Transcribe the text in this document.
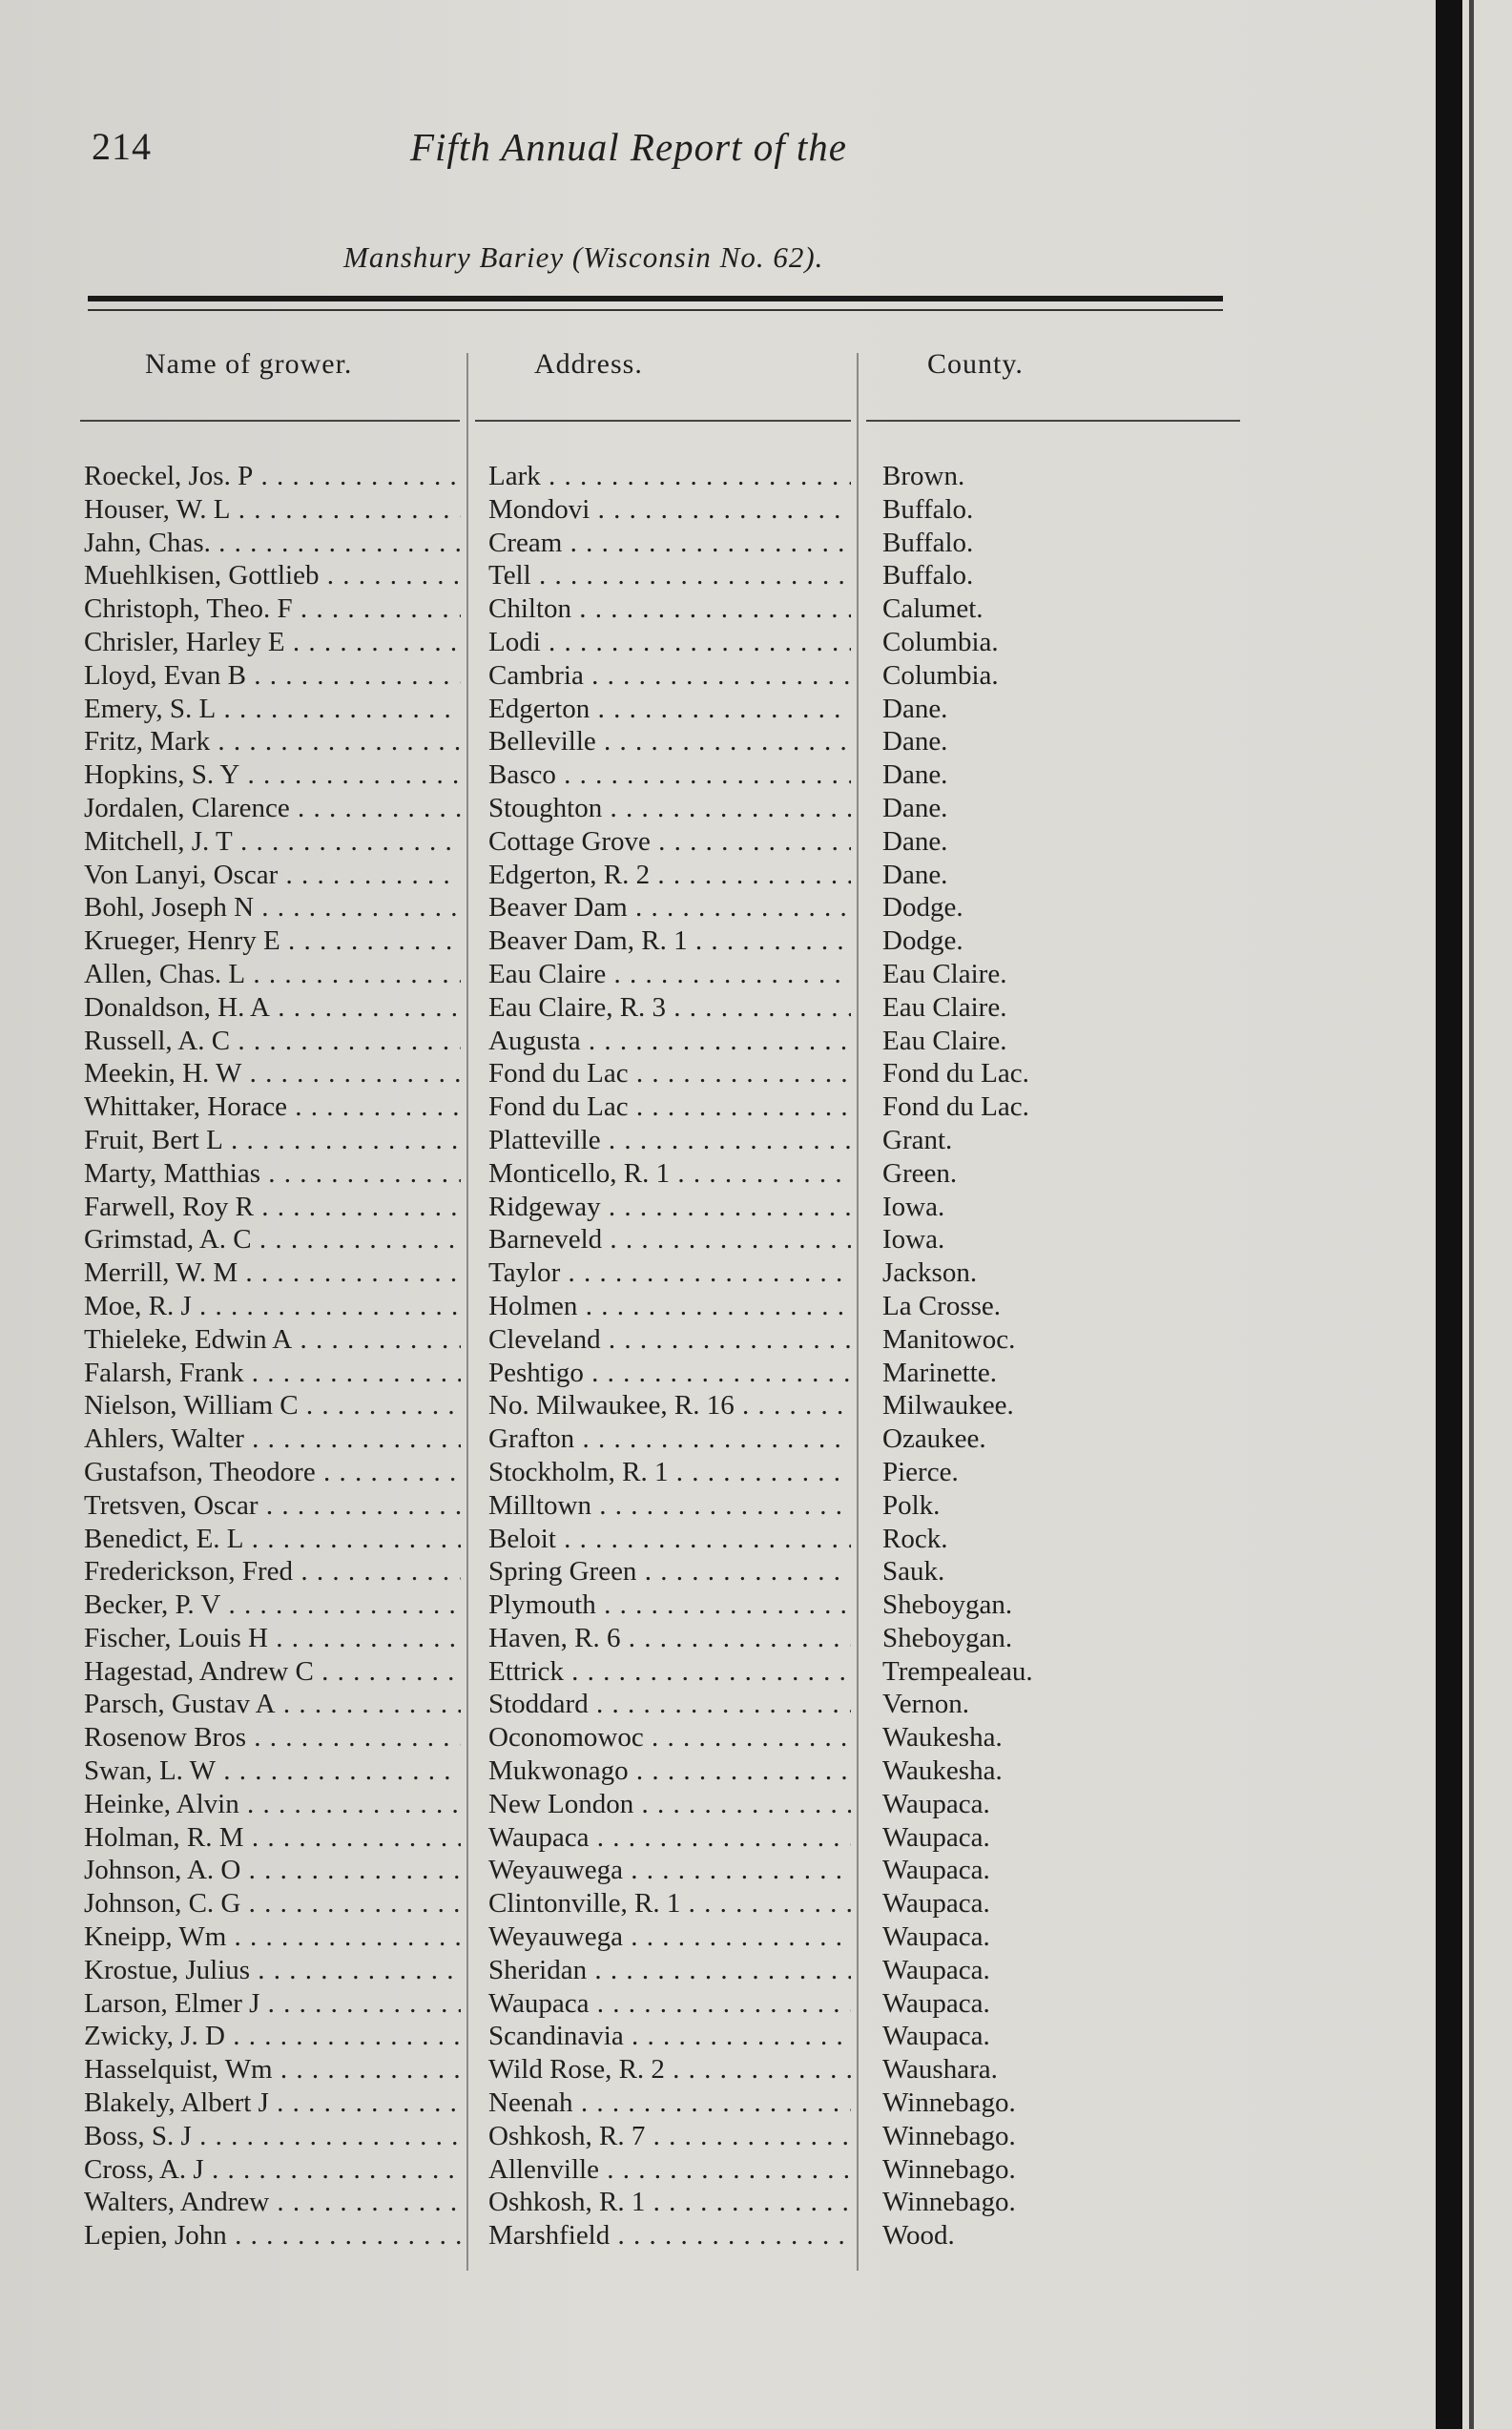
214	Fifth Annual Report of the
Manshury Bariey (Wisconsin No. 62).
Name of grower.	Address.	County.
Roeckel, Jos. P . . .	Lark . . .	Brown.
Houser, W. L . . .	Mondovi . . .	Buffalo.
Jahn, Chas. . . .	Cream . . .	Buffalo.
Muehlkisen, Gottlieb . . .	Tell . . .	Buffalo.
Christoph, Theo. F . . .	Chilton . . .	Calumet.
Chrisler, Harley E . . .	Lodi . . .	Columbia.
Lloyd, Evan B . . .	Cambria . . .	Columbia.
Emery, S. L . . .	Edgerton . . .	Dane.
Fritz, Mark . . .	Belleville . . .	Dane.
Hopkins, S. Y . . .	Basco . . .	Dane.
Jordalen, Clarence . . .	Stoughton . . .	Dane.
Mitchell, J. T . . .	Cottage Grove . . .	Dane.
Von Lanyi, Oscar . . .	Edgerton, R. 2 . . .	Dane.
Bohl, Joseph N . . .	Beaver Dam . . .	Dodge.
Krueger, Henry E . . .	Beaver Dam, R. 1 . . .	Dodge.
Allen, Chas. L . . .	Eau Claire . . .	Eau Claire.
Donaldson, H. A . . .	Eau Claire, R. 3 . . .	Eau Claire.
Russell, A. C . . .	Augusta . . .	Eau Claire.
Meekin, H. W . . .	Fond du Lac . . .	Fond du Lac.
Whittaker, Horace . . .	Fond du Lac . . .	Fond du Lac.
Fruit, Bert L . . .	Platteville . . .	Grant.
Marty, Matthias . . .	Monticello, R. 1 . . .	Green.
Farwell, Roy R . . .	Ridgeway . . .	Iowa.
Grimstad, A. C . . .	Barneveld . . .	Iowa.
Merrill, W. M . . .	Taylor . . .	Jackson.
Moe, R. J . . .	Holmen . . .	La Crosse.
Thieleke, Edwin A . . .	Cleveland . . .	Manitowoc.
Falarsh, Frank . . .	Peshtigo . . .	Marinette.
Nielson, William C . . .	No. Milwaukee, R. 16 . . .	Milwaukee.
Ahlers, Walter . . .	Grafton . . .	Ozaukee.
Gustafson, Theodore . . .	Stockholm, R. 1 . . .	Pierce.
Tretsven, Oscar . . .	Milltown . . .	Polk.
Benedict, E. L . . .	Beloit . . .	Rock.
Frederickson, Fred . . .	Spring Green . . .	Sauk.
Becker, P. V . . .	Plymouth . . .	Sheboygan.
Fischer, Louis H . . .	Haven, R. 6 . . .	Sheboygan.
Hagestad, Andrew C . . .	Ettrick . . .	Trempealeau.
Parsch, Gustav A . . .	Stoddard . . .	Vernon.
Rosenow Bros . . .	Oconomowoc . . .	Waukesha.
Swan, L. W . . .	Mukwonago . . .	Waukesha.
Heinke, Alvin . . .	New London . . .	Waupaca.
Holman, R. M . . .	Waupaca . . .	Waupaca.
Johnson, A. O . . .	Weyauwega . . .	Waupaca.
Johnson, C. G . . .	Clintonville, R. 1 . . .	Waupaca.
Kneipp, Wm . . .	Weyauwega . . .	Waupaca.
Krostue, Julius . . .	Sheridan . . .	Waupaca.
Larson, Elmer J . . .	Waupaca . . .	Waupaca.
Zwicky, J. D . . .	Scandinavia . . .	Waupaca.
Hasselquist, Wm . . .	Wild Rose, R. 2 . . .	Waushara.
Blakely, Albert J . . .	Neenah . . .	Winnebago.
Boss, S. J . . .	Oshkosh, R. 7 . . .	Winnebago.
Cross, A. J . . .	Allenville . . .	Winnebago.
Walters, Andrew . . .	Oshkosh, R. 1 . . .	Winnebago.
Lepien, John . . .	Marshfield . . .	Wood.
